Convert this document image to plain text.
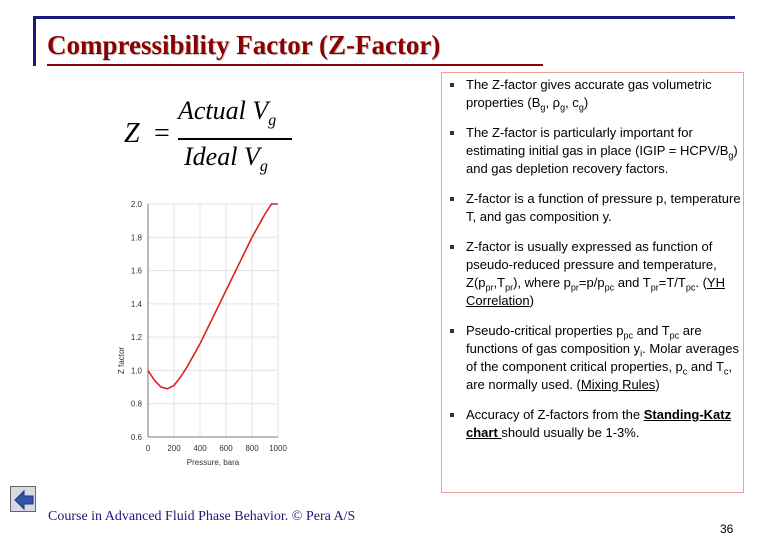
Compressibility Factor (Z-Factor)
Z =
Actual $V_g$
Ideal $V_g$
0.6
0.8
1.0
1.2
1.4
1.6
1.8
2.0
0 200 400 600 800 1000
Pressure, bara
Z factor
The Z-factor gives accurate gas volumetric properties ($B_g$, $\rho_g$, $c_g$)
The Z-factor is particularly important for estimating initial gas in place (IGIP = HCPV/$B_g$) and gas depletion recovery factors.
Z-factor is a function of pressure p, temperature T, and gas composition y.
Z-factor is usually expressed as function of pseudo-reduced pressure and temperature, $Z(p_{pr},T_{pr})$, where $p_{pr}=p/p_{pc}$ and $T_{pr}=T/T_{pc}$. (YH Correlation)
Pseudo-critical properties $p_{pc}$ and $T_{pc}$ are functions of gas composition $y_i$. Molar averages of the component critical properties, $p_c$ and $T_c$, are normally used. (Mixing Rules)
Accuracy of Z-factors from the Standing-Katz chart should usually be 1-3%.
Course in Advanced Fluid Phase Behavior. © Pera A/S
36
